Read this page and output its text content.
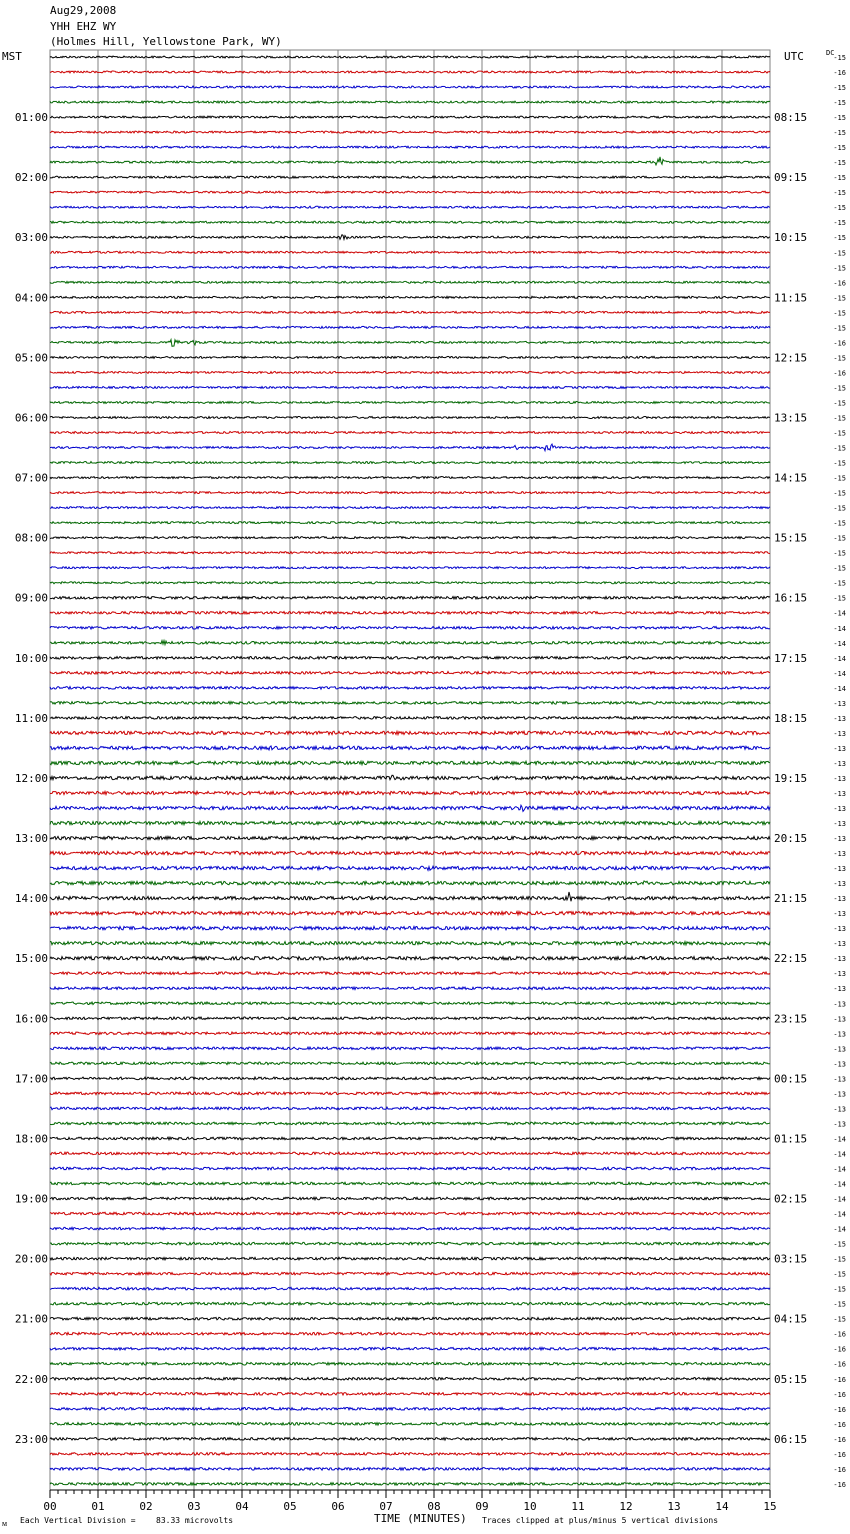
Aug29,2008
YHH EHZ WY
(Holmes Hill, Yellowstone Park, WY)
MST	UTC	DC
-15
-16
-15
-15
-15
-15
-15
-15
-15
-15
-15
-15
-15
-15
-15
-16
-15
-15
-15
-16
-15
-16
-15
-15
-15
-15
-15
-15
-15
-15
-15
-15
-15
-15
-15
-15
-15
-14
-14
-14
-14
-14
-14
-13
-13
-13
-13
-13
-13
-13
-13
-13
-13
-13
-13
-13
-13
-13
-13
-13
-13
-13
-13
-13
-13
-13
-13
-13
-13
-13
-13
-13
-14
-14
-14
-14
-14
-14
-14
-15
-15
-15
-15
-15
-15
-16
-16
-16
-16
-16
-16
-16
-16
-16
-16
-16
01:00
02:00
03:00
04:00
05:00
06:00
07:00
08:00
09:00
10:00
11:00
12:00
13:00
14:00
15:00
16:00
17:00
18:00
19:00
20:00
21:00
22:00
23:00
08:15
09:15
10:15
11:15
12:15
13:15
14:15
15:15
16:15
17:15
18:15
19:15
20:15
21:15
22:15
23:15
00:15
01:15
02:15
03:15
04:15
05:15
06:15
00	01	02	03	04	05	06	07	08	09	10	11	12	13	14	15
ᴍ Each Vertical Division =	83.33 microvolts	TIME (MINUTES) Traces clipped at plus/minus 5 vertical divisions
